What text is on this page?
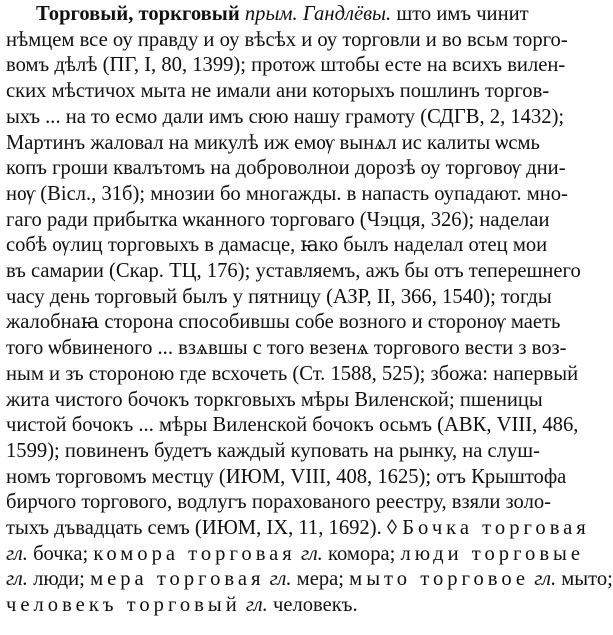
Торговый, торкговый прым. Гандлёвы. што имъ чинит
нѣмцем все оу правду и оу вѣсѣх и оу торговли и во всьм торго-
вомъ дѣлѣ (ПГ, I, 80, 1399); протож штобы есте на всихъ вилен-
ских мѣстичох мыта не имали ани которыхъ пошлинъ торгов-
ыхъ ... на то есмо дали имъ сюю нашу грамоту (СДГВ, 2, 1432);
Мартинъ жаловал на микулѣ иж емѹ вынѧл ис калиты ѡсмь
копъ гроши квалътомъ на доброволнои дорозѣ оу торговѹ дни-
нѹ (Вiсл., 31б); мнозии бо многажды. в напасть оупадают. мно-
гаго ради прибытка ѡканного торговаго (Чэцця, 326); наделаи
собѣ ѹлиц торговыхъ в дамасце, ꙗко былъ наделал отец мои
въ самарии (Скар. ТЦ, 176); уставляемъ, ажъ бы отъ теперешнего
часу день торговый былъ у пятницу (АЗР, II, 366, 1540); тогды
жалобнаꙗ сторона способившы собе возного и сторонѹ маеть
того ѡбвиненого ... взѧвшы с того везенѧ торгового вести з воз-
ным и зъ стороною где всхочеть (Ст. 1588, 525); збожа: напервый
жита чистого бочокъ торкговыхъ мѣры Виленской; пшеницы
чистой бочокъ ... мѣры Виленской бочокъ осьмъ (АВК, VIII, 486,
1599); повиненъ будетъ каждый куповать на рынку, на слуш-
номъ торговомъ местцу (ИЮМ, VIII, 408, 1625); отъ Крыштофа
бирчого торгового, водлугъ порахованого реестру, взяли золо-
тыхъ дъвадцать семъ (ИЮМ, IX, 11, 1692). ◊ Бочка торговая
гл. бочка; комора торговая гл. комора; люди торговые
гл. люди; мера торговая гл. мера; мыто торговое гл. мыто;
человекъ торговый гл. человекъ.
